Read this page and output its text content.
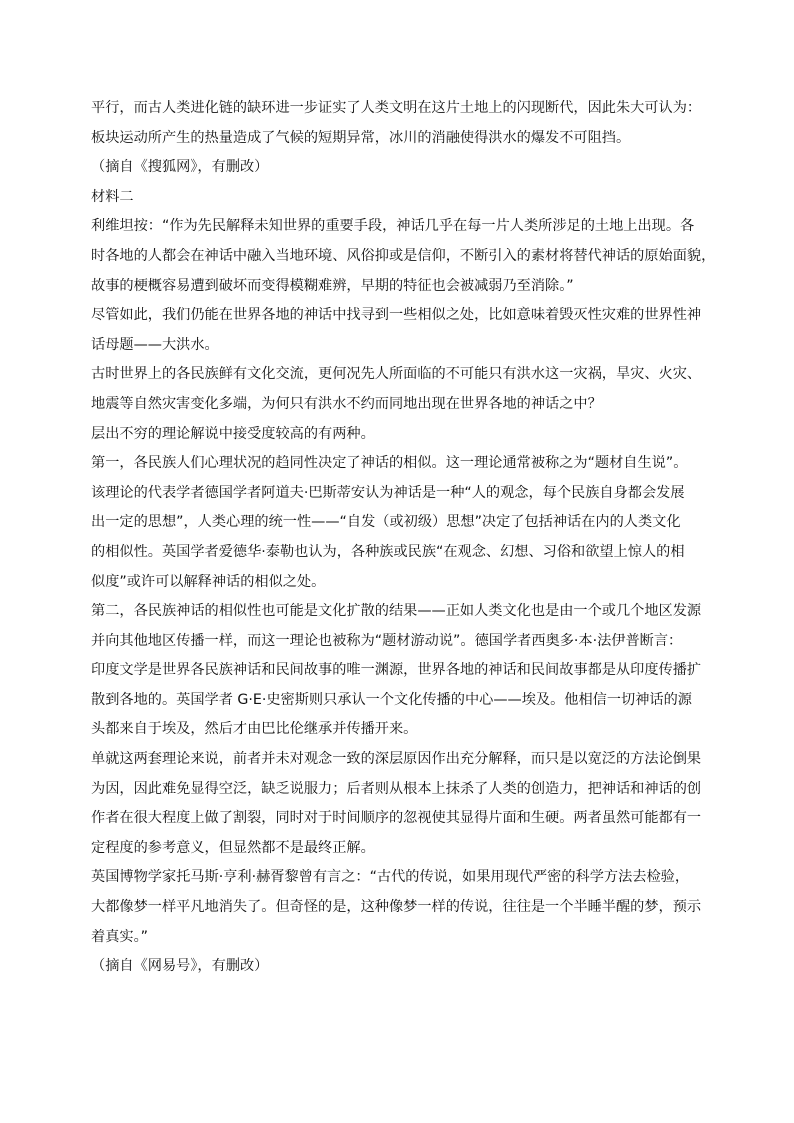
平行，而古人类进化链的缺环进一步证实了人类文明在这片土地上的闪现断代，因此朱大可认为：
板块运动所产生的热量造成了气候的短期异常，冰川的消融使得洪水的爆发不可阻挡。
（摘自《搜狐网》，有删改）
材料二
利维坦按：“作为先民解释未知世界的重要手段，神话几乎在每一片人类所涉足的土地上出现。各
时各地的人都会在神话中融入当地环境、风俗抑或是信仰，不断引入的素材将替代神话的原始面貌，
故事的梗概容易遭到破坏而变得模糊难辨，早期的特征也会被减弱乃至消除。”
尽管如此，我们仍能在世界各地的神话中找寻到一些相似之处，比如意味着毁灭性灾难的世界性神
话母题——大洪水。
古时世界上的各民族鲜有文化交流，更何况先人所面临的不可能只有洪水这一灾祸，旱灾、火灾、
地震等自然灾害变化多端，为何只有洪水不约而同地出现在世界各地的神话之中？
层出不穷的理论解说中接受度较高的有两种。
第一，各民族人们心理状况的趋同性决定了神话的相似。这一理论通常被称之为“题材自生说”。
该理论的代表学者德国学者阿道夫·巴斯蒂安认为神话是一种“人的观念，每个民族自身都会发展
出一定的思想”，人类心理的统一性——“自发（或初级）思想”决定了包括神话在内的人类文化
的相似性。英国学者爱德华·泰勒也认为，各种族或民族“在观念、幻想、习俗和欲望上惊人的相
似度”或许可以解释神话的相似之处。
第二，各民族神话的相似性也可能是文化扩散的结果——正如人类文化也是由一个或几个地区发源
并向其他地区传播一样，而这一理论也被称为“题材游动说”。德国学者西奥多·本·法伊普断言：
印度文学是世界各民族神话和民间故事的唯一渊源，世界各地的神话和民间故事都是从印度传播扩
散到各地的。英国学者 G·E·史密斯则只承认一个文化传播的中心——埃及。他相信一切神话的源
头都来自于埃及，然后才由巴比伦继承并传播开来。
单就这两套理论来说，前者并未对观念一致的深层原因作出充分解释，而只是以宽泛的方法论倒果
为因，因此难免显得空泛，缺乏说服力；后者则从根本上抹杀了人类的创造力，把神话和神话的创
作者在很大程度上做了割裂，同时对于时间顺序的忽视使其显得片面和生硬。两者虽然可能都有一
定程度的参考意义，但显然都不是最终正解。
英国博物学家托马斯·亨利·赫胥黎曾有言之：“古代的传说，如果用现代严密的科学方法去检验，
大都像梦一样平凡地消失了。但奇怪的是，这种像梦一样的传说，往往是一个半睡半醒的梦，预示
着真实。”
（摘自《网易号》，有删改）
